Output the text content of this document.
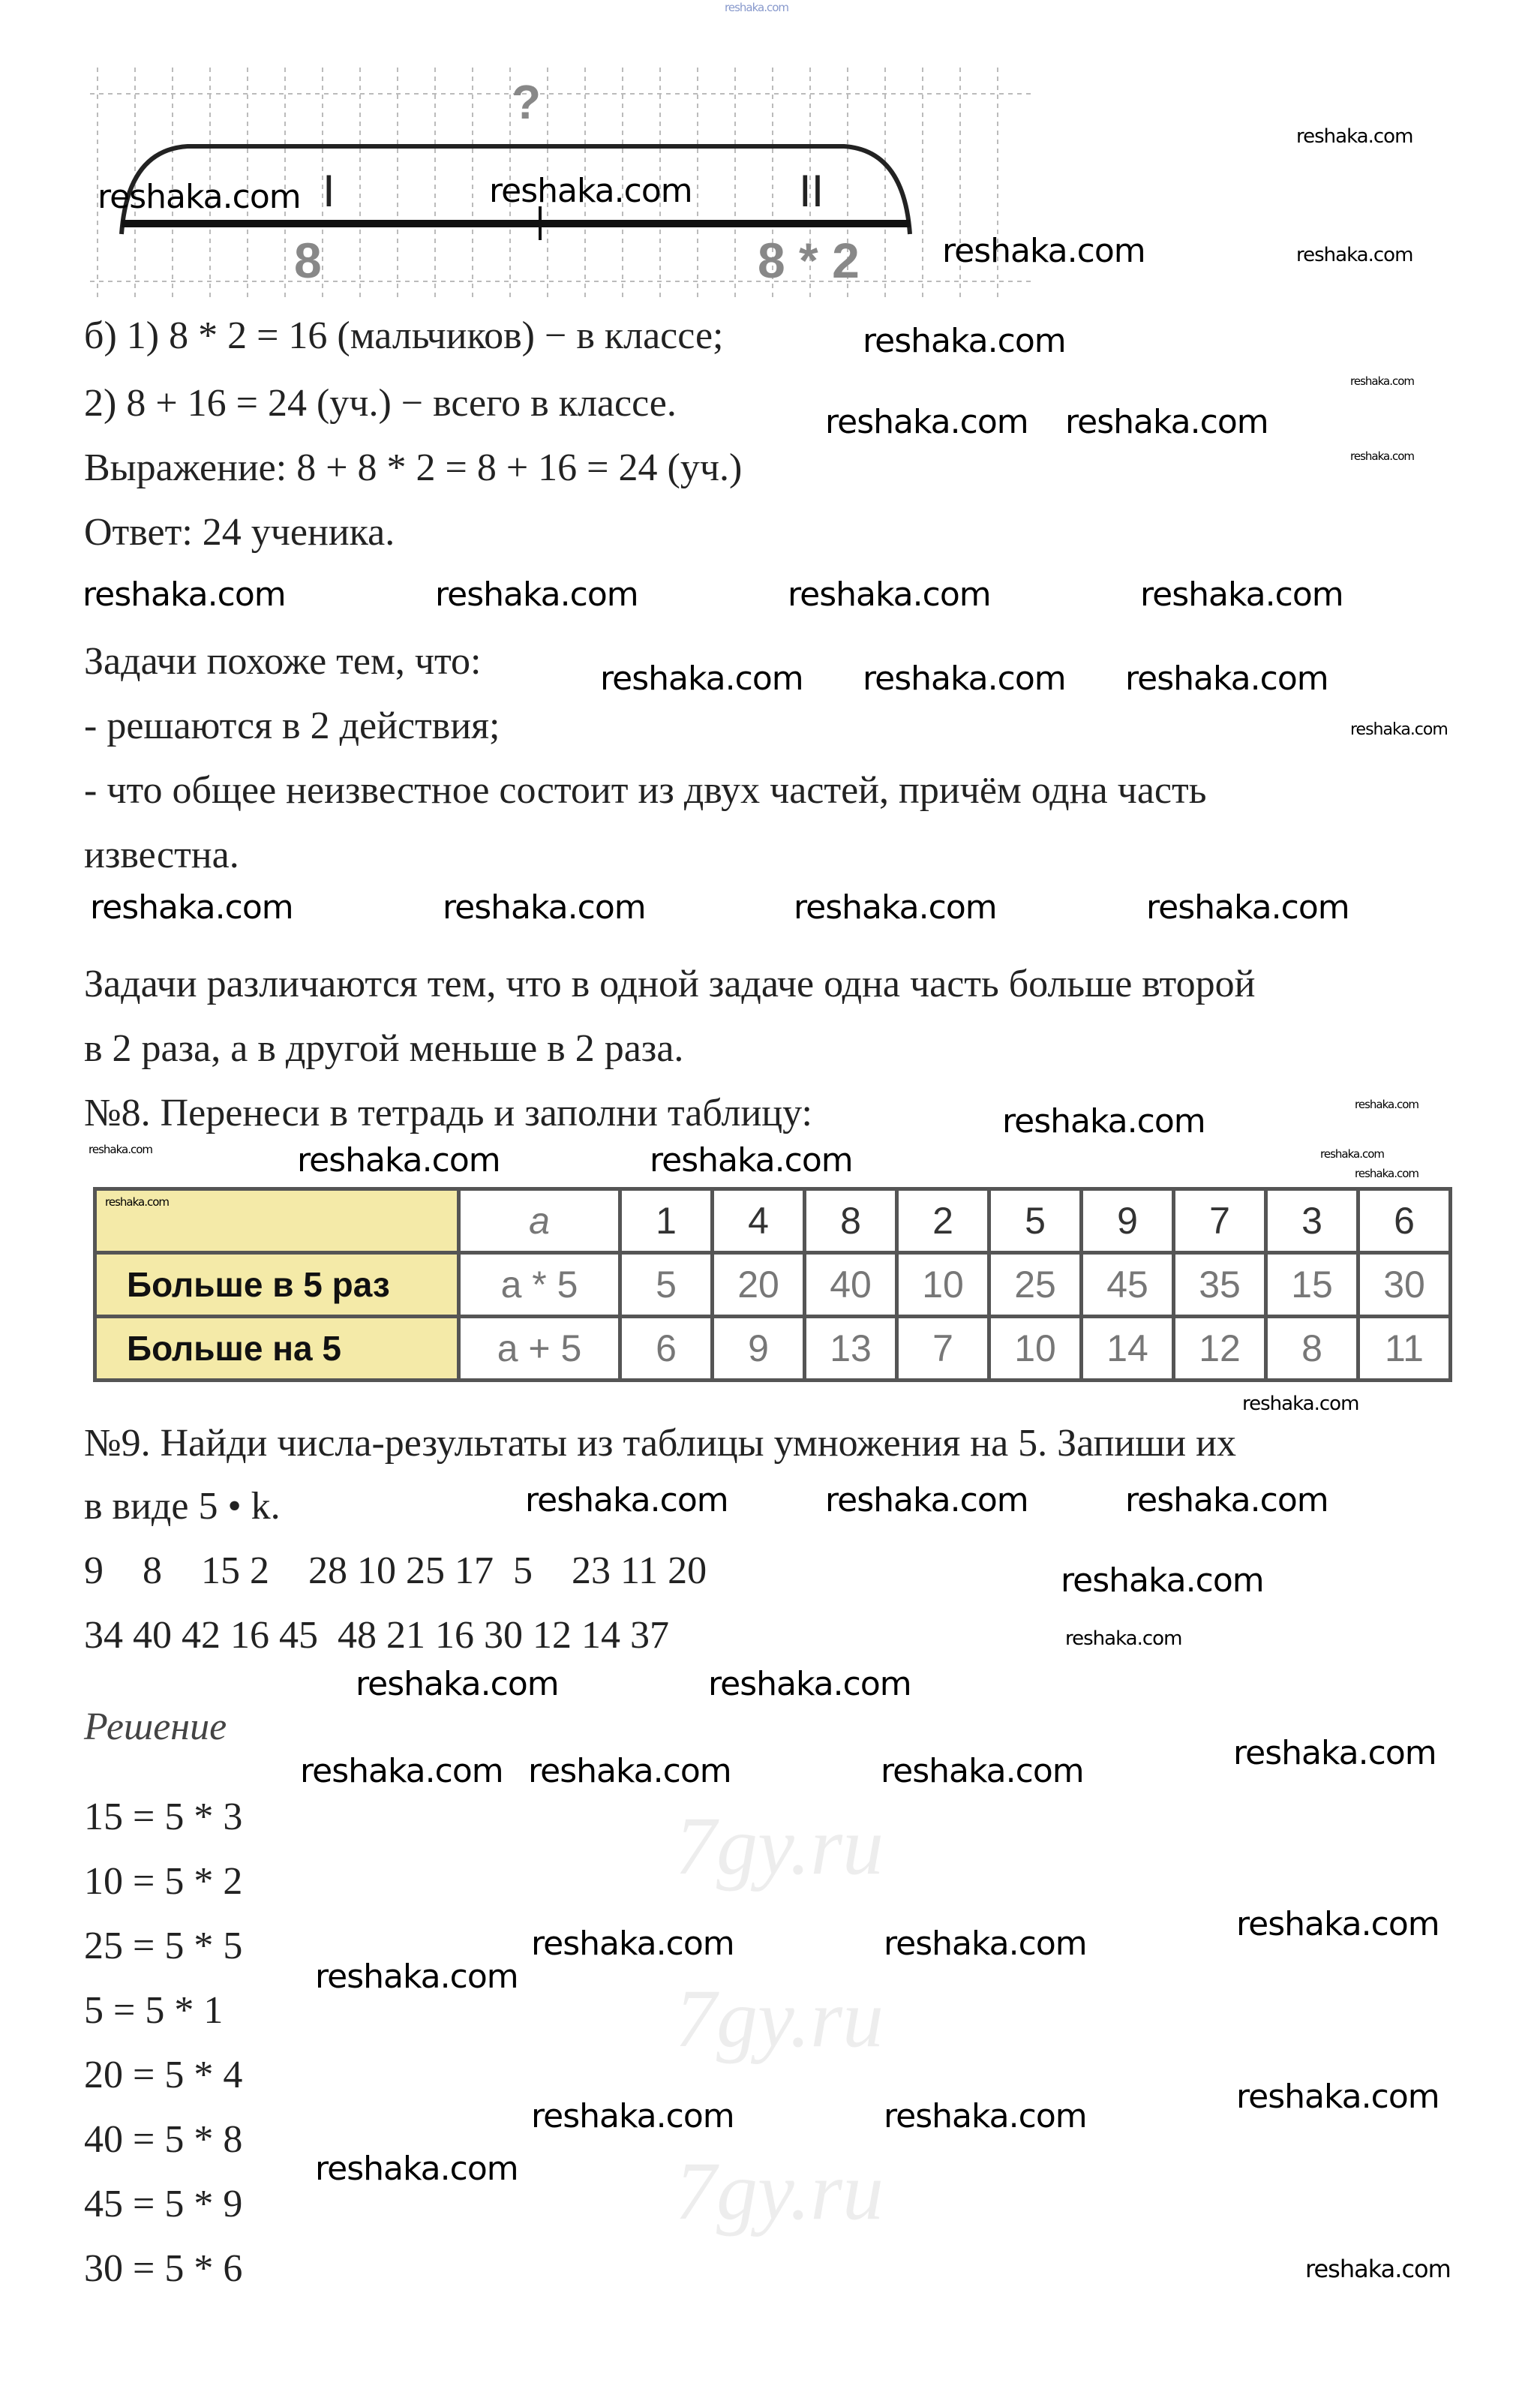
reshaka.com
?
I	II
8	8 * 2
б) 1) 8 * 2 = 16 (мальчиков) − в классе;
2) 8 + 16 = 24 (уч.) − всего в классе.
Выражение: 8 + 8 * 2 = 8 + 16 = 24 (уч.)
Ответ: 24 ученика.
Задачи похоже тем, что:
- решаются в 2 действия;
- что общее неизвестное состоит из двух частей, причём одна часть
известна.
Задачи различаются тем, что в одной задаче одна часть больше второй
в 2 раза, а в другой меньше в 2 раза.
№8. Перенеси в тетрадь и заполни таблицу:
	a	1	4	8	2	5	9	7	3	6
Больше в 5 раз	a * 5	5	20	40	10	25	45	35	15	30
Больше на 5	a + 5	6	9	13	7	10	14	12	8	11
№9. Найди числа-результаты из таблицы умножения на 5. Запиши их
в виде 5 • k.
9    8    15 2    28 10 25 17  5    23 11 20
34 40 42 16 45  48 21 16 30 12 14 37
Решение
15 = 5 * 3
10 = 5 * 2
25 = 5 * 5
5 = 5 * 1
20 = 5 * 4
40 = 5 * 8
45 = 5 * 9
30 = 5 * 6
7gy.ru
7gy.ru
7gy.ru
reshaka.com
reshaka.com	reshaka.com
reshaka.com	reshaka.com
reshaka.com
reshaka.com
reshaka.com
reshaka.com reshaka.com
reshaka.com	reshaka.com	reshaka.com	reshaka.com
reshaka.com reshaka.com reshaka.com
reshaka.com
reshaka.com	reshaka.com	reshaka.com	reshaka.com
reshaka.com
reshaka.com
reshaka.com	reshaka.com	reshaka.com	reshaka.com
reshaka.com
reshaka.com
reshaka.com	reshaka.com	reshaka.com
reshaka.com
reshaka.com
reshaka.com
reshaka.com	reshaka.com
reshaka.com
reshaka.com reshaka.com	reshaka.com
reshaka.com
reshaka.com	reshaka.com
reshaka.com
reshaka.com
reshaka.com	reshaka.com
reshaka.com
reshaka.com
